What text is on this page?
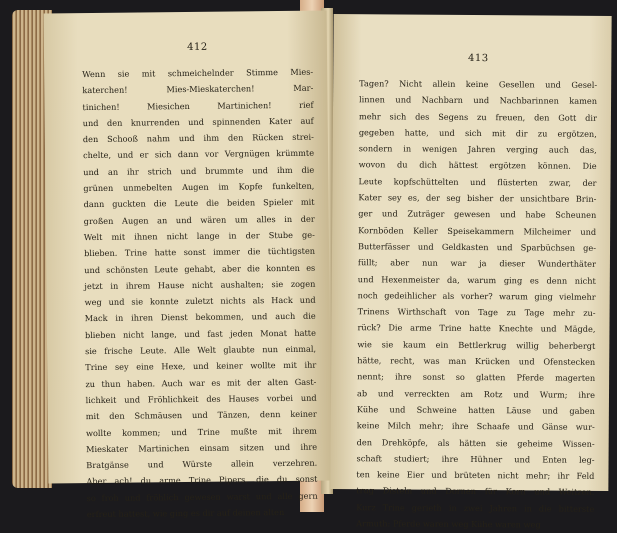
412
Wenn sie mit schmeichelnder Stimme Mies-
katerchen! Mies-Mieskaterchen! Mar-
tinichen! Miesichen Martinichen! rief
und den knurrenden und spinnenden Kater auf
den Schooß nahm und ihm den Rücken strei-
chelte, und er sich dann vor Vergnügen krümmte
und an ihr strich und brummte und ihm die
grünen unmebelten Augen im Kopfe funkelten,
dann guckten die Leute die beiden Spieler mit
großen Augen an und wären um alles in der
Welt mit ihnen nicht lange in der Stube ge-
blieben. Trine hatte sonst immer die tüchtigsten
und schönsten Leute gehabt, aber die konnten es
jetzt in ihrem Hause nicht aushalten; sie zogen
weg und sie konnte zuletzt nichts als Hack und
Mack in ihren Dienst bekommen, und auch die
blieben nicht lange, und fast jeden Monat hatte
sie frische Leute. Alle Welt glaubte nun einmal,
Trine sey eine Hexe, und keiner wollte mit ihr
zu thun haben. Auch war es mit der alten Gast-
lichkeit und Fröhlichkeit des Hauses vorbei und
mit den Schmäusen und Tänzen, denn keiner
wollte kommen; und Trine mußte mit ihrem
Mieskater Martinichen einsam sitzen und ihre
Bratgänse und Würste allein verzehren.
Aber ach! du arme Trine Pipers, die du sonst
so froh und fröhlich gewesen warst und alle gern
erfreut hattest, wie ging es dir auf deinen alten
413
Tagen? Nicht allein keine Gesellen und Gesel-
linnen und Nachbarn und Nachbarinnen kamen
mehr sich des Segens zu freuen, den Gott dir
gegeben hatte, und sich mit dir zu ergötzen,
sondern in wenigen Jahren verging auch das,
wovon du dich hättest ergötzen können. Die
Leute kopfschüttelten und flüsterten zwar, der
Kater sey es, der seg bisher der unsichtbare Brin-
ger und Zuträger gewesen und habe Scheunen
Kornböden Keller Speisekammern Milcheimer und
Butterfässer und Geldkasten und Sparbüchsen ge-
füllt; aber nun war ja dieser Wunderthäter
und Hexenmeister da, warum ging es denn nicht
noch gedeihlicher als vorher? warum ging vielmehr
Trinens Wirthschaft von Tage zu Tage mehr zu-
rück? Die arme Trine hatte Knechte und Mägde,
wie sie kaum ein Bettlerkrug willig beherbergt
hätte, recht, was man Krücken und Ofenstecken
nennt; ihre sonst so glatten Pferde magerten
ab und verreckten am Rotz und Wurm; ihre
Kühe und Schweine hatten Läuse und gaben
keine Milch mehr; ihre Schaafe und Gänse wur-
den Drehköpfe, als hätten sie geheime Wissen-
schaft studiert; ihre Hühner und Enten leg-
ten keine Eier und brüteten nicht mehr; ihr Feld
trug Disteln und Dornen für Korn und Weitzen.
Kurz Trine gerieth in zwei Jahren in die bitterste
Armuth: Pferde waren weg Kühe waren weg
